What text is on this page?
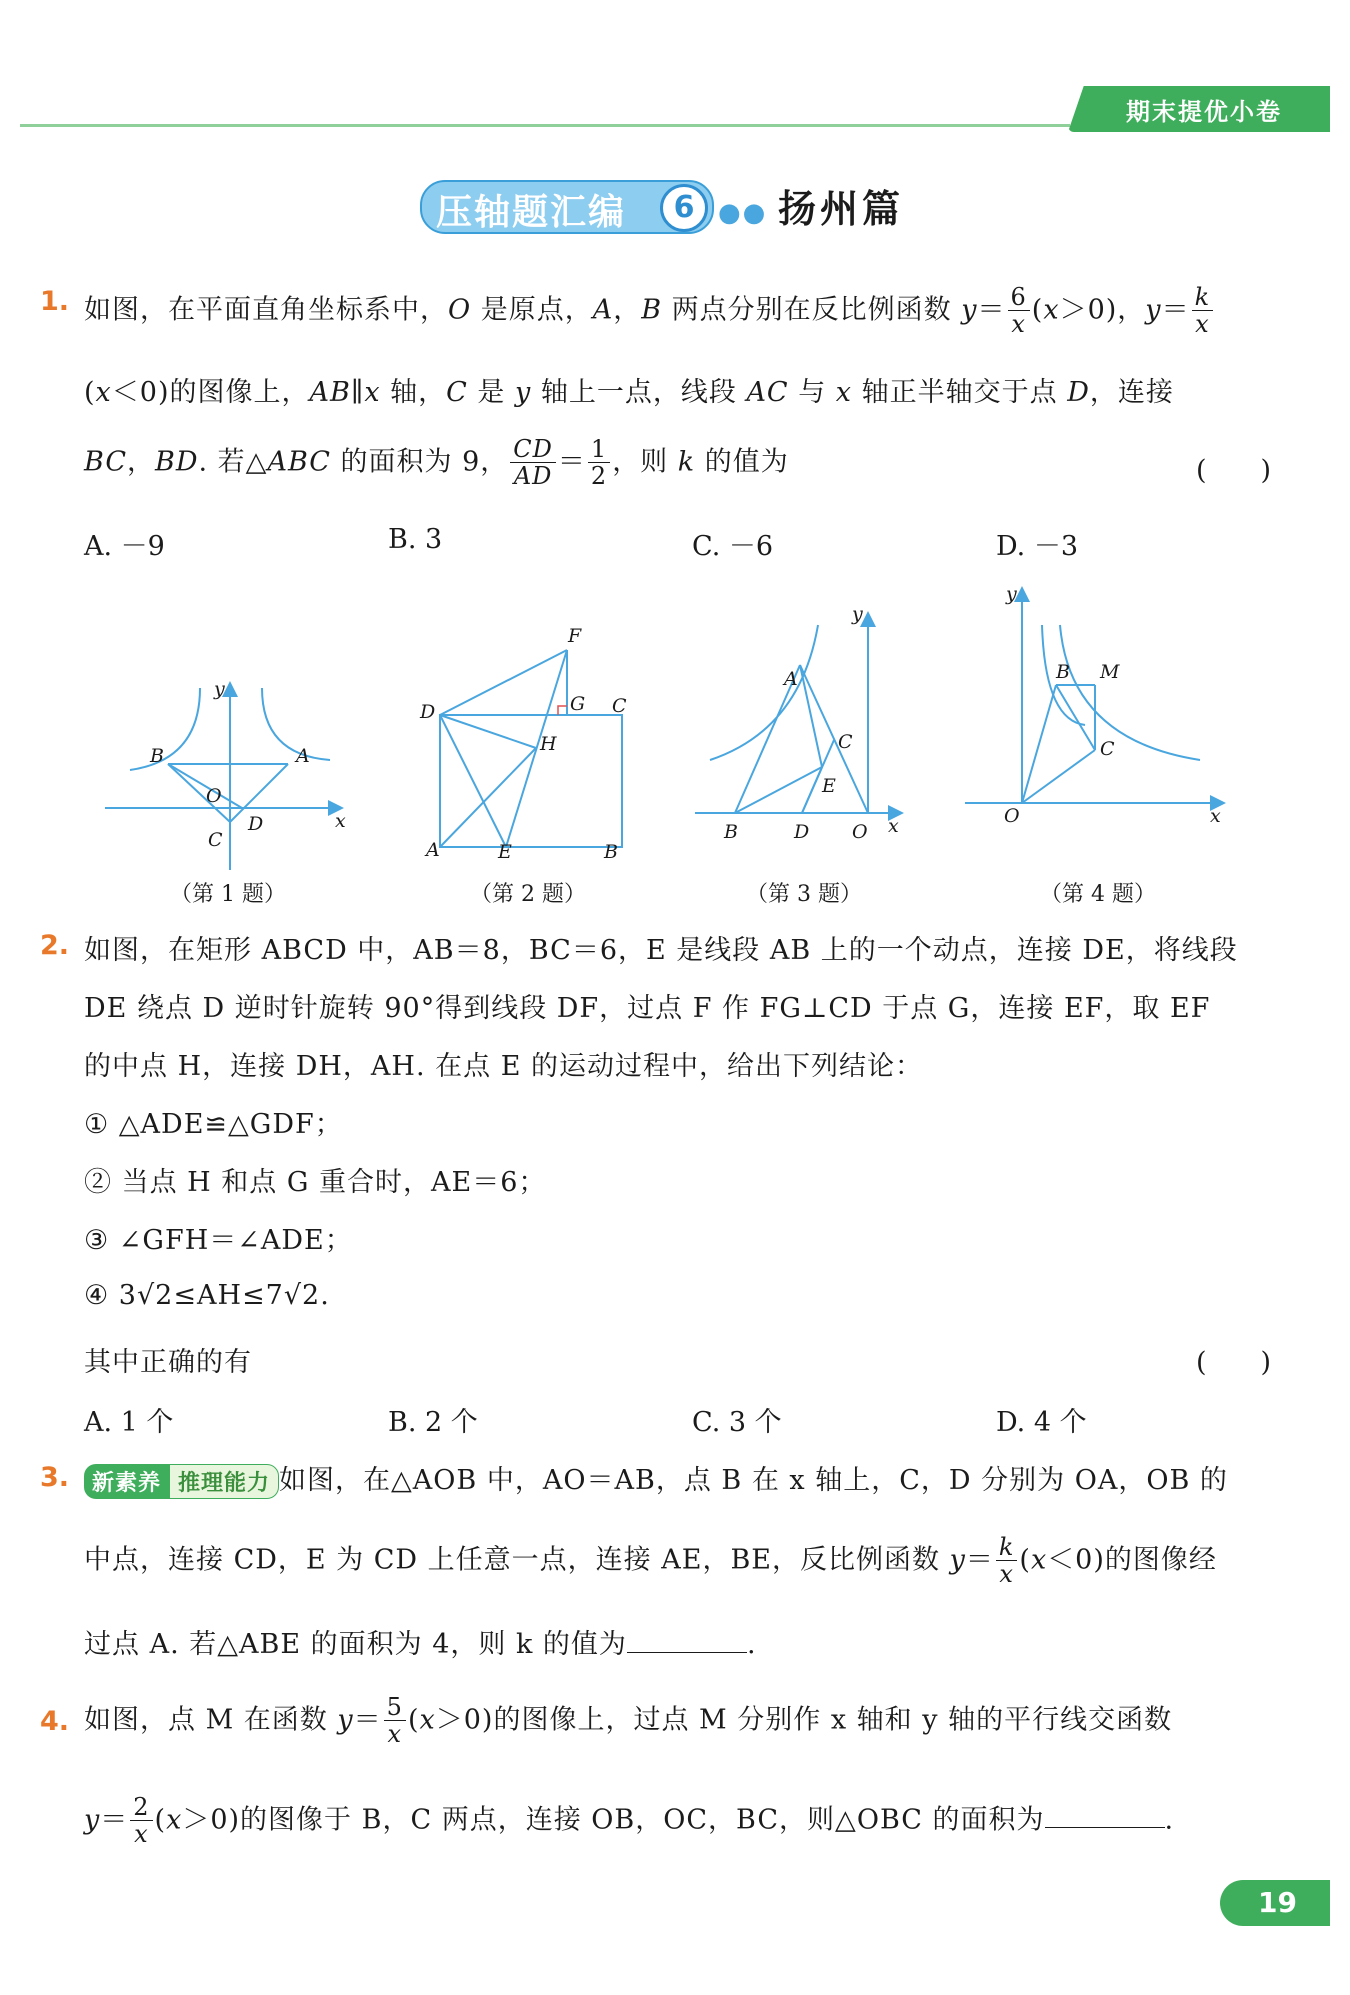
期末提优小卷
压轴题汇编	6 ●● 扬州篇
1. 如图，在平面直角坐标系中，O 是原点，A，B 两点分别在反比例函数 $y= \frac{6}{x} (x>0)$，$y= \frac{k}{x}$
(x＜0)的图像上，AB∥x 轴，C 是 y 轴上一点，线段 AC 与 x 轴正半轴交于点 D，连接
BC，BD. 若△ABC 的面积为 9， $\frac{CD}{AD} = \frac{1}{2}$ ，则 k 的值为	(　　)
A. －9	B. 3	C. －6	D. －3
y
x
B	A
O
C
D
F
G
D	C
H
A	E	B
y
A
C
E
B	D O x
y
B M
C
O	x
（第 1 题）	（第 2 题）	（第 3 题）	（第 4 题）
2. 如图，在矩形 ABCD 中，AB＝8，BC＝6，E 是线段 AB 上的一个动点，连接 DE，将线段
DE 绕点 D 逆时针旋转 90°得到线段 DF，过点 F 作 FG⊥CD 于点 G，连接 EF，取 EF
的中点 H，连接 DH，AH. 在点 E 的运动过程中，给出下列结论：
① △ADE≌△GDF；
② 当点 H 和点 G 重合时，AE＝6；
③ ∠GFH＝∠ADE；
④ 3√2≤AH≤7√2.
其中正确的有	(　　)
A. 1 个	B. 2 个	C. 3 个	D. 4 个
3.	新素养 推理能力 如图，在△AOB 中，AO＝AB，点 B 在 x 轴上，C，D 分别为 OA，OB 的
中点，连接 CD，E 为 CD 上任意一点，连接 AE，BE，反比例函数 $y= \frac{k}{x} (x<0)$的图像经
过点 A. 若△ABE 的面积为 4，则 k 的值为	.
4. 如图，点 M 在函数 $y= \frac{5}{x} (x>0)$的图像上，过点 M 分别作 x 轴和 y 轴的平行线交函数
$y= \frac{2}{x} (x>0)$的图像于 B，C 两点，连接 OB，OC，BC，则△OBC 的面积为	.
19
